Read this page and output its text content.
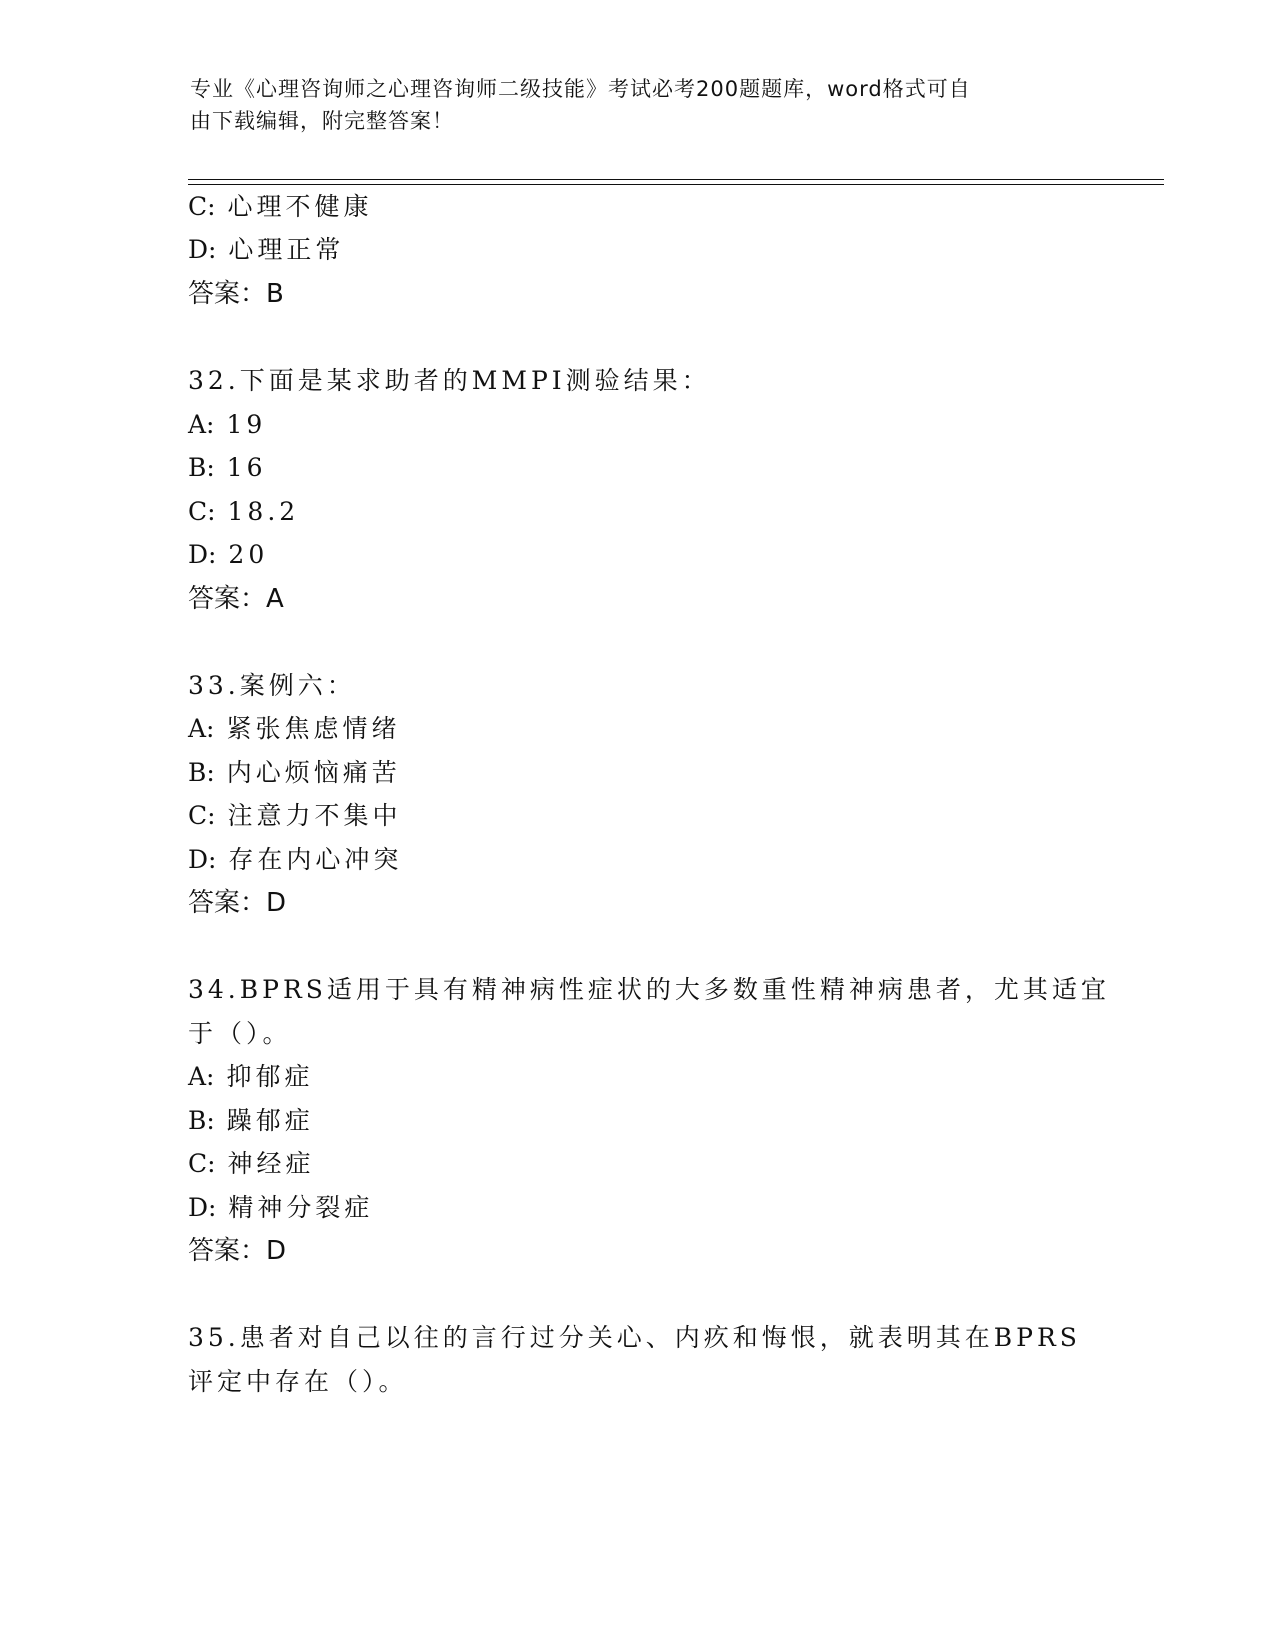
专业《心理咨询师之心理咨询师二级技能》考试必考200题题库，word格式可自
由下载编辑，附完整答案！
C: 心理不健康
D: 心理正常
答案：B
32.下面是某求助者的MMPI测验结果：
A: 19
B: 16
C: 18.2
D: 20
答案：A
33.案例六：
A: 紧张焦虑情绪
B: 内心烦恼痛苦
C: 注意力不集中
D: 存在内心冲突
答案：D
34.BPRS适用于具有精神病性症状的大多数重性精神病患者，尤其适宜
于（）。
A: 抑郁症
B: 躁郁症
C: 神经症
D: 精神分裂症
答案：D
35.患者对自己以往的言行过分关心、内疚和悔恨，就表明其在BPRS
评定中存在（）。
